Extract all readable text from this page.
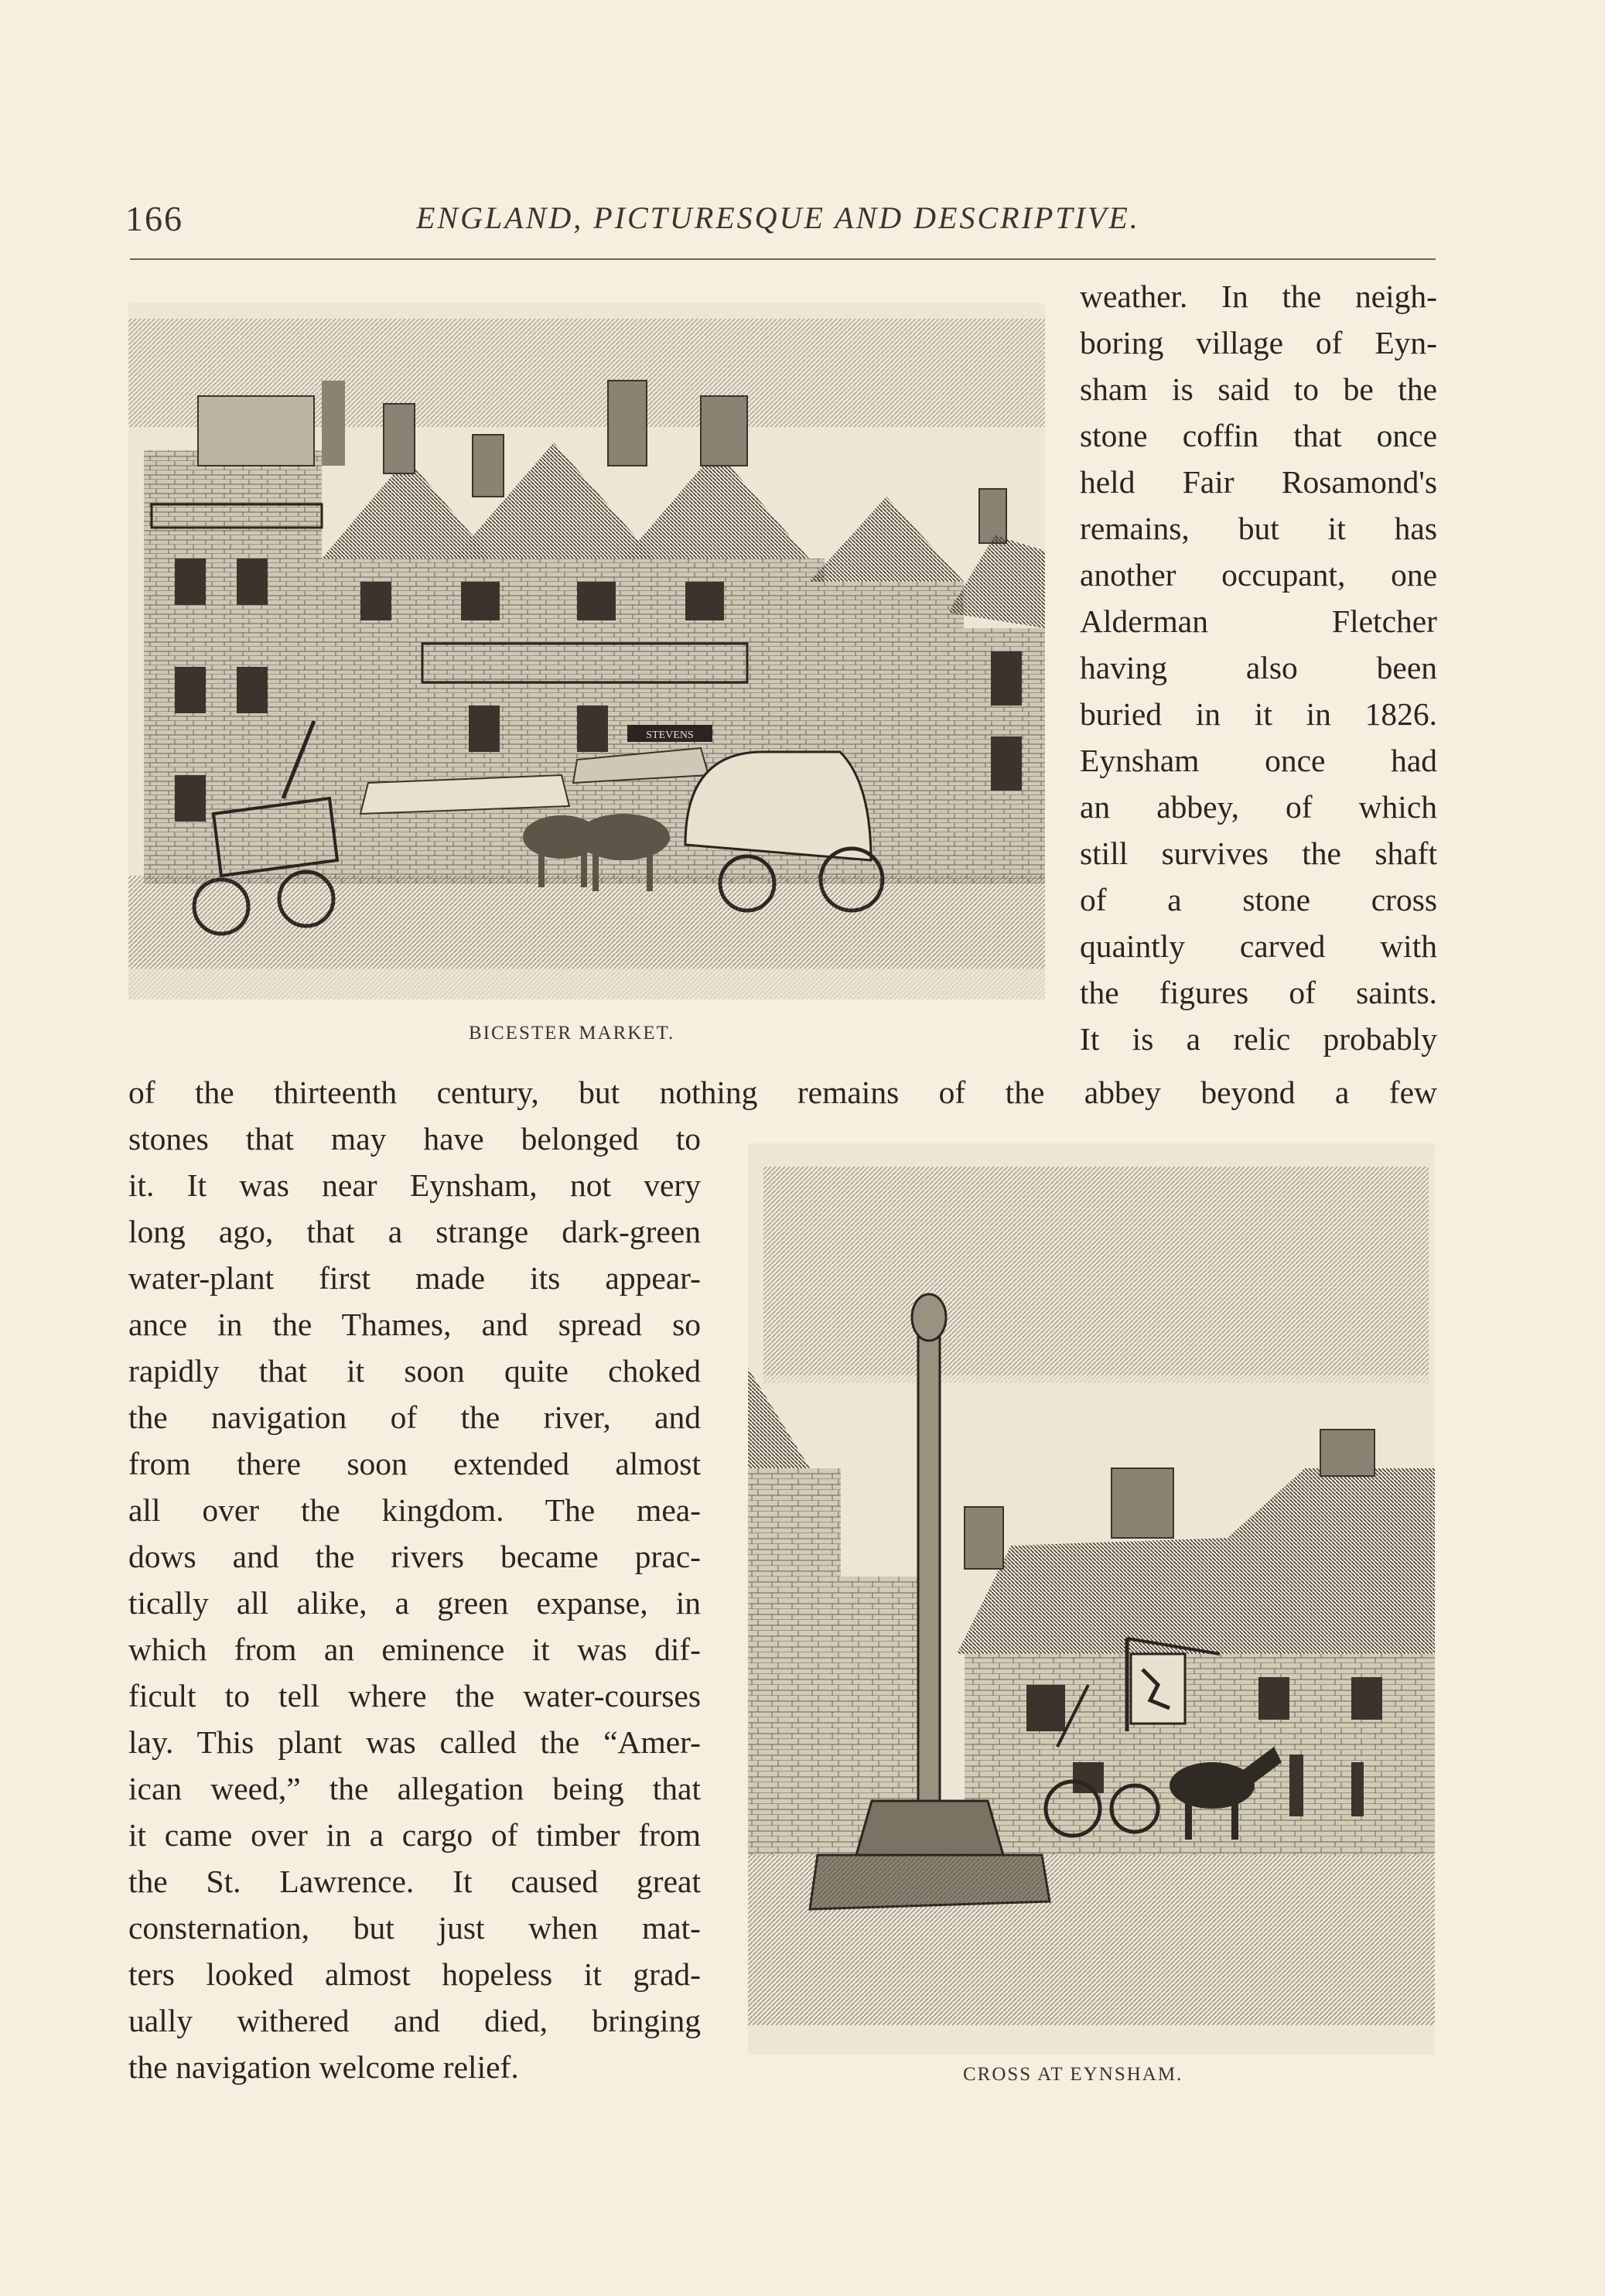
166	ENGLAND, PICTURESQUE AND DESCRIPTIVE.
STEVENS
BICESTER MARKET.
CROSS AT EYNSHAM.
weather. In the neigh-
boring village of Eyn-
sham is said to be the
stone coffin that once
held Fair Rosamond's
remains, but it has
another occupant, one
Alderman Fletcher
having also been
buried in it in 1826.
Eynsham once had
an abbey, of which
still survives the shaft
of a stone cross
quaintly carved with
the figures of saints.
It is a relic probably
of the thirteenth century, but nothing remains of the abbey beyond a few
stones that may have belonged to
it. It was near Eynsham, not very
long ago, that a strange dark-green
water-plant first made its appear-
ance in the Thames, and spread so
rapidly that it soon quite choked
the navigation of the river, and
from there soon extended almost
all over the kingdom. The mea-
dows and the rivers became prac-
tically all alike, a green expanse, in
which from an eminence it was dif-
ficult to tell where the water-courses
lay. This plant was called the “Amer-
ican weed,” the allegation being that
it came over in a cargo of timber from
the St. Lawrence. It caused great
consternation, but just when mat-
ters looked almost hopeless it grad-
ually withered and died, bringing
the navigation welcome relief.
